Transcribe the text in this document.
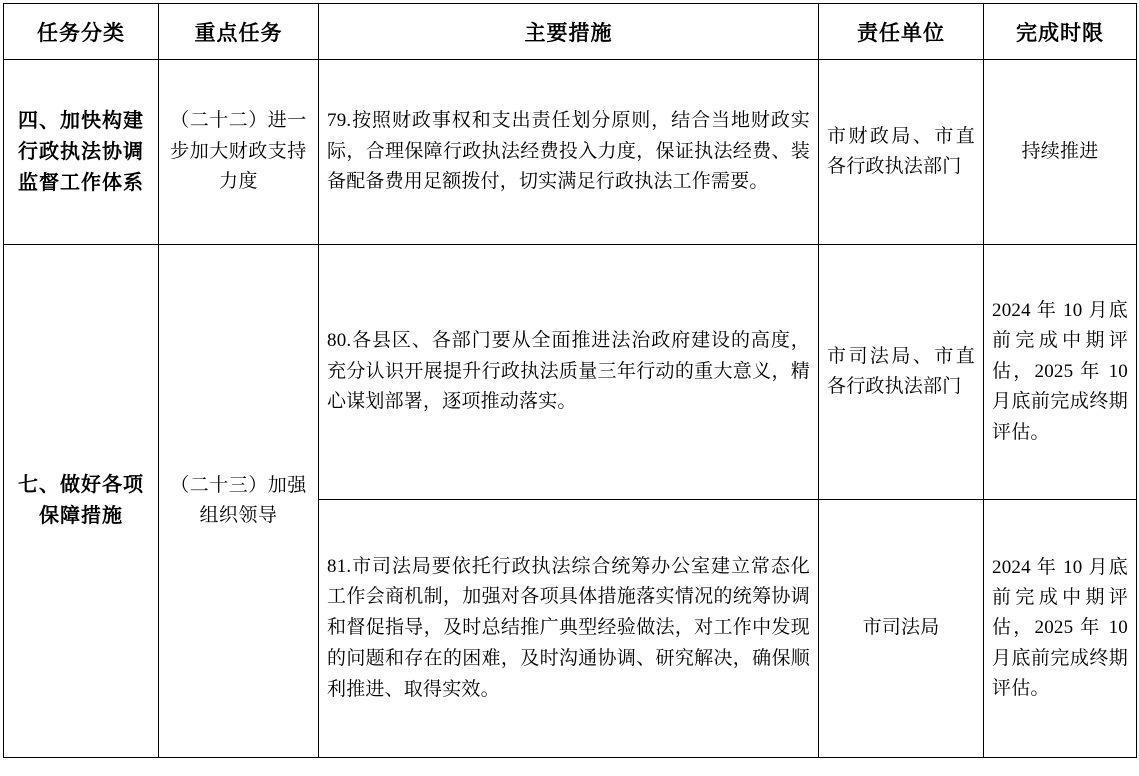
任务分类	重点任务	主要措施	责任单位	完成时限
四、加快构建行政执法协调监督工作体系	（二十二）进一步加大财政支持力度	79.按照财政事权和支出责任划分原则，结合当地财政实际，合理保障行政执法经费投入力度，保证执法经费、装备配备费用足额拨付，切实满足行政执法工作需要。	市财政局、市直各行政执法部门	持续推进
七、做好各项保障措施	（二十三）加强组织领导	80.各县区、各部门要从全面推进法治政府建设的高度，充分认识开展提升行政执法质量三年行动的重大意义，精心谋划部署，逐项推动落实。	市司法局、市直各行政执法部门	2024 年 10 月底前完成中期评估，2025 年 10 月底前完成终期评估。
		81.市司法局要依托行政执法综合统筹办公室建立常态化工作会商机制，加强对各项具体措施落实情况的统筹协调和督促指导，及时总结推广典型经验做法，对工作中发现的问题和存在的困难，及时沟通协调、研究解决，确保顺利推进、取得实效。	市司法局	2024 年 10 月底前完成中期评估，2025 年 10 月底前完成终期评估。
